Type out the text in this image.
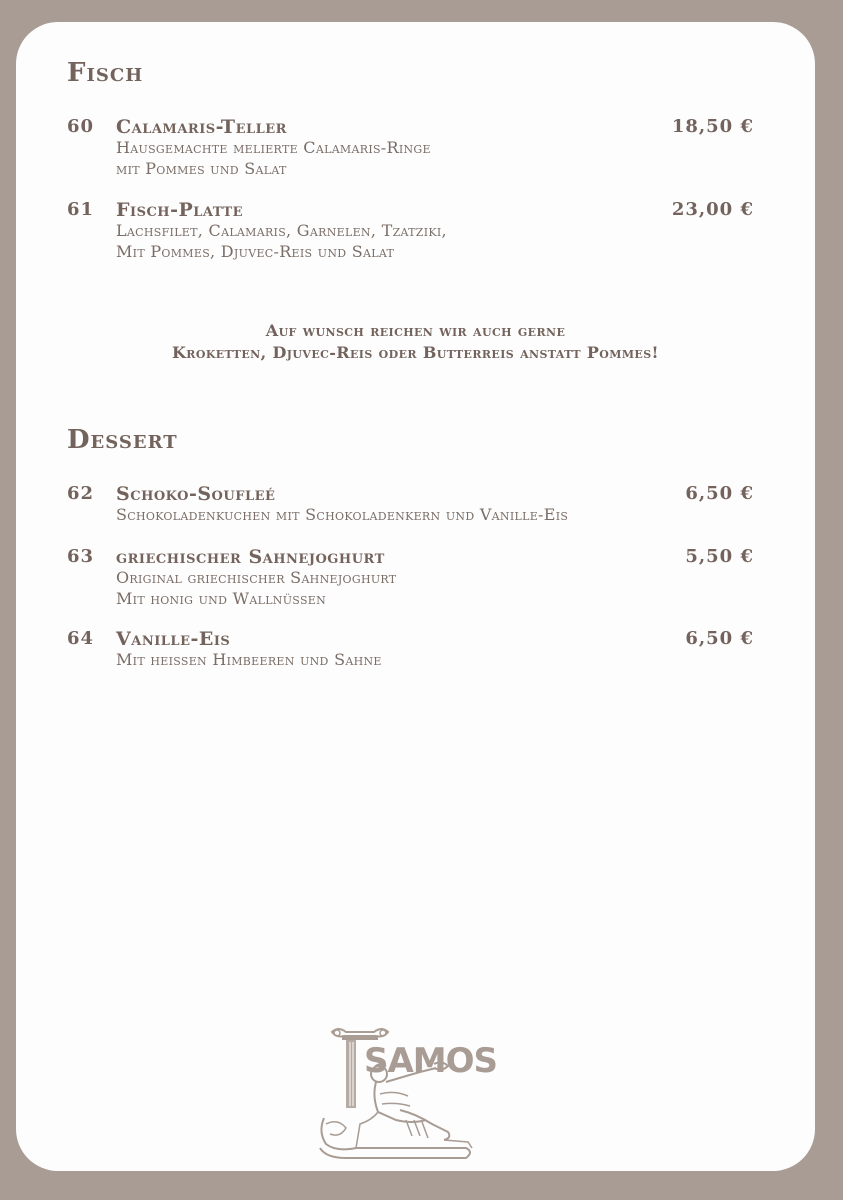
Fisch
60 Calamaris-Teller	18,50 €
Hausgemachte melierte Calamaris-Ringe
mit Pommes und Salat
61 Fisch-Platte	23,00 €
Lachsfilet, Calamaris, Garnelen, Tzatziki,
Mit Pommes, Djuvec-Reis und Salat
Auf wunsch reichen wir auch gerne
Kroketten, Djuvec-Reis oder Butterreis anstatt Pommes!
Dessert
62 Schoko-Soufleé	6,50 €
Schokoladenkuchen mit Schokoladenkern und Vanille-Eis
63 griechischer Sahnejoghurt	5,50 €
Original griechischer Sahnejoghurt
Mit honig und Wallnüssen
64 Vanille-Eis	6,50 €
Mit heissen Himbeeren und Sahne
SAMOS
